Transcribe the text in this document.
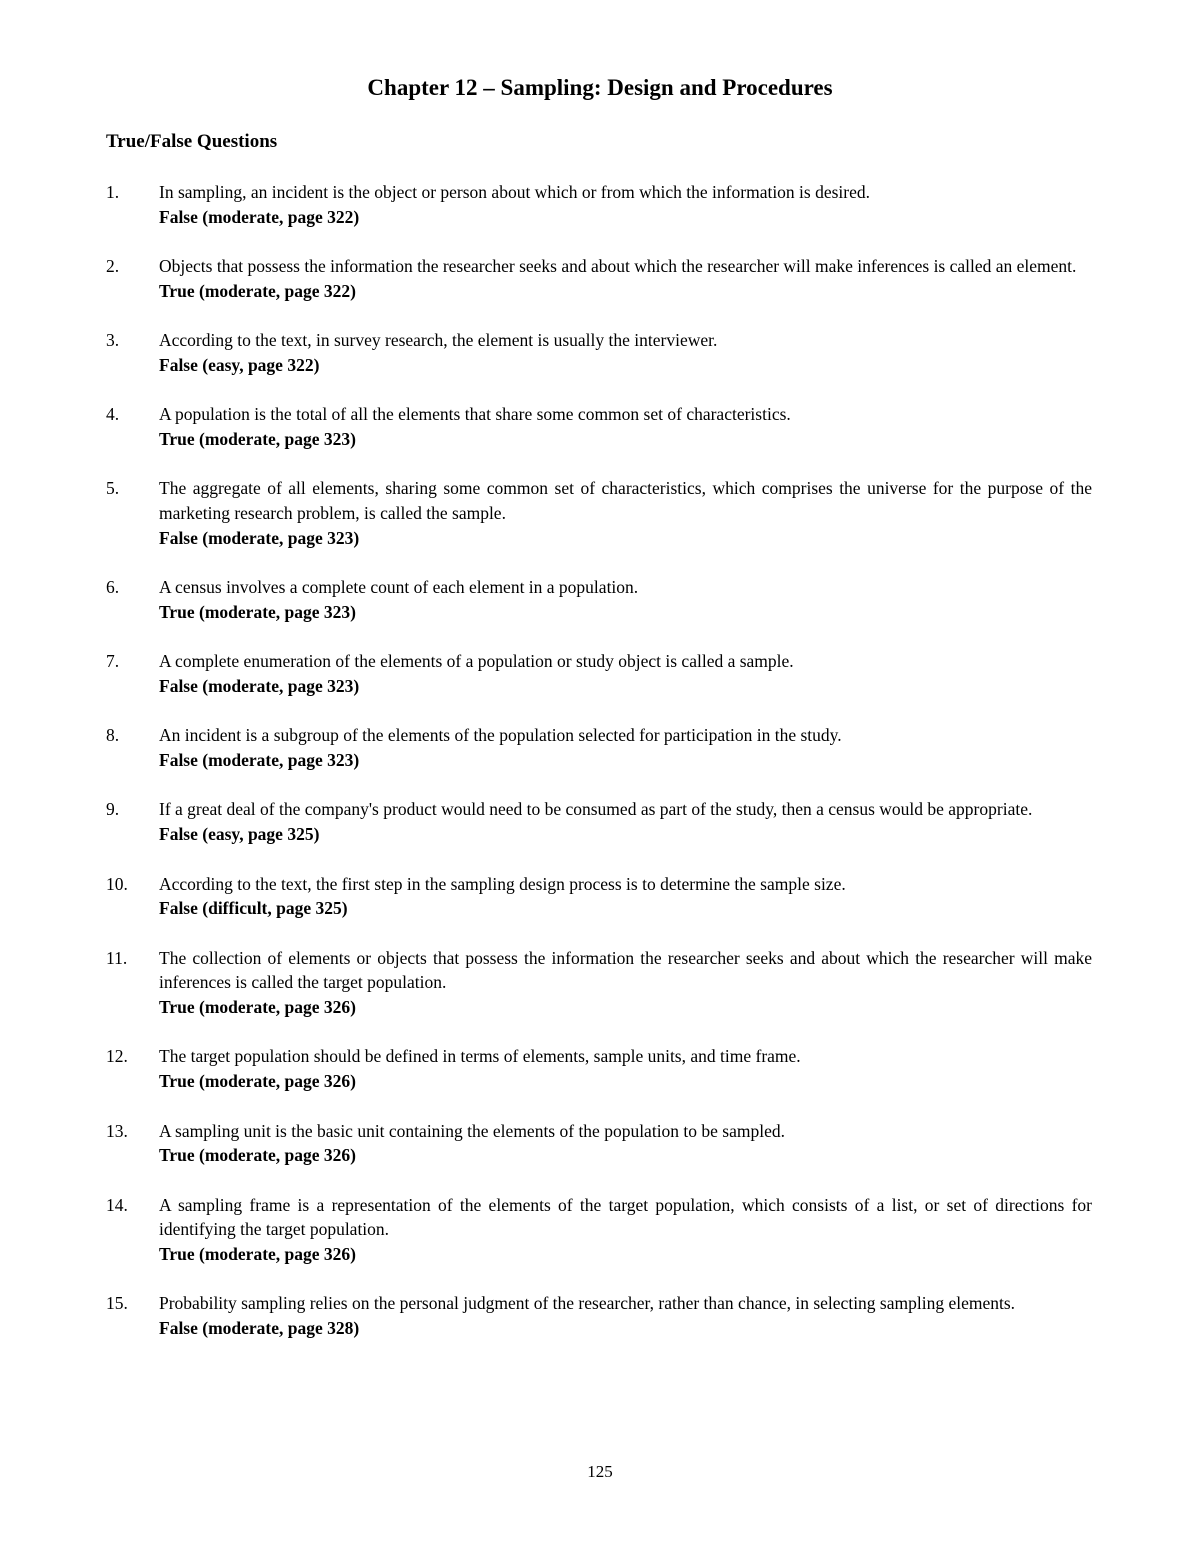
Chapter 12 – Sampling: Design and Procedures
True/False Questions
1. In sampling, an incident is the object or person about which or from which the information is desired.
False (moderate, page 322)
2. Objects that possess the information the researcher seeks and about which the researcher will make inferences is called an element.
True (moderate, page 322)
3. According to the text, in survey research, the element is usually the interviewer.
False (easy, page 322)
4. A population is the total of all the elements that share some common set of characteristics.
True (moderate, page 323)
5. The aggregate of all elements, sharing some common set of characteristics, which comprises the universe for the purpose of the marketing research problem, is called the sample.
False (moderate, page 323)
6. A census involves a complete count of each element in a population.
True (moderate, page 323)
7. A complete enumeration of the elements of a population or study object is called a sample.
False (moderate, page 323)
8. An incident is a subgroup of the elements of the population selected for participation in the study.
False (moderate, page 323)
9. If a great deal of the company's product would need to be consumed as part of the study, then a census would be appropriate.
False (easy, page 325)
10. According to the text, the first step in the sampling design process is to determine the sample size.
False (difficult, page 325)
11. The collection of elements or objects that possess the information the researcher seeks and about which the researcher will make inferences is called the target population.
True (moderate, page 326)
12. The target population should be defined in terms of elements, sample units, and time frame.
True (moderate, page 326)
13. A sampling unit is the basic unit containing the elements of the population to be sampled.
True (moderate, page 326)
14. A sampling frame is a representation of the elements of the target population, which consists of a list, or set of directions for identifying the target population.
True (moderate, page 326)
15. Probability sampling relies on the personal judgment of the researcher, rather than chance, in selecting sampling elements.
False (moderate, page 328)
125
